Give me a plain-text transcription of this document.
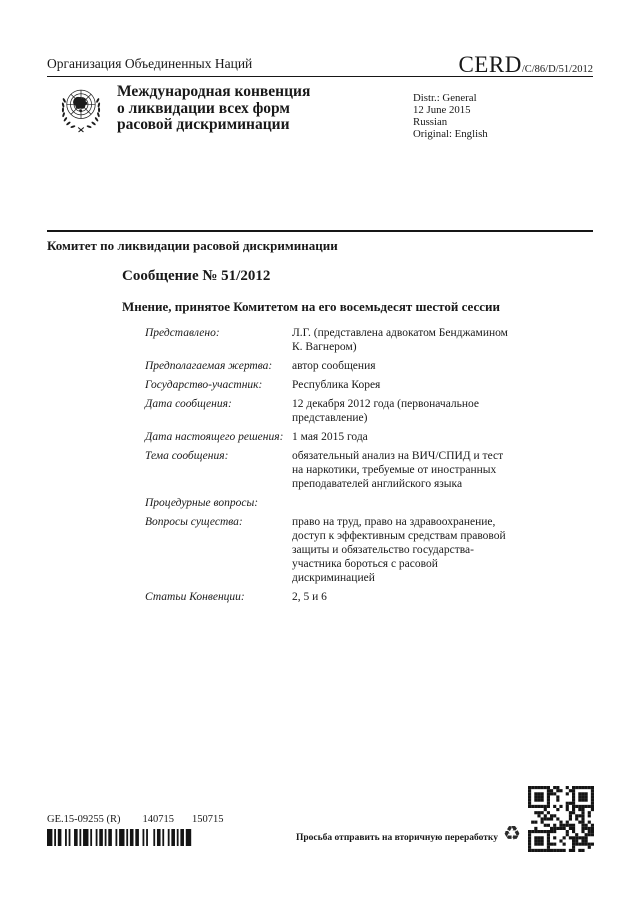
Организация Объединенных Наций	CERD /C/86/D/51/2012
Международная конвенция
о ликвидации всех форм
расовой дискриминации
Distr.: General
12 June 2015
Russian
Original: English
Комитет по ликвидации расовой дискриминации
Сообщение № 51/2012
Мнение, принятое Комитетом на его восемьдесят шестой сессии
Представлено:	Л.Г. (представлена адвокатом Бенджамином К. Вагнером)
Предполагаемая жертва:	автор сообщения
Государство-участник:	Республика Корея
Дата сообщения:	12 декабря 2012 года (первоначальное представление)
Дата настоящего решения: 1 мая 2015 года
Тема сообщения:	обязательный анализ на ВИЧ/СПИД и тест на наркотики, требуемые от иностранных преподавателей английского языка
Процедурные вопросы:
Вопросы существа:	право на труд, право на здравоохранение, доступ к эффективным средствам правовой защиты и обязательство государства-участника бороться с расовой дискриминацией
Статьи Конвенции:	2, 5 и 6
GE.15-09255 (R) 140715 150715
Просьба отправить на вторичную переработку ♻
